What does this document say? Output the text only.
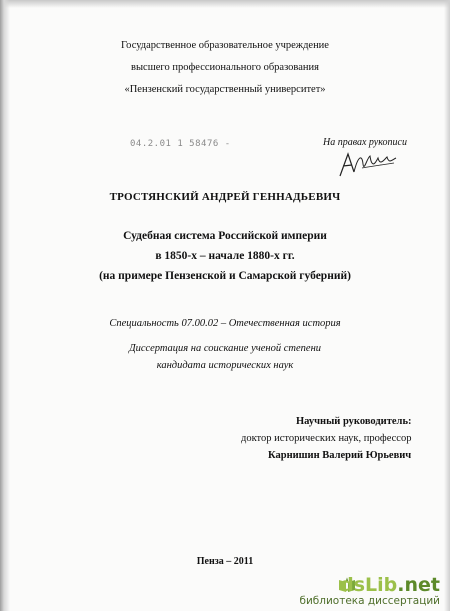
Государственное образовательное учреждение
высшего профессионального образования
«Пензенский государственный университет»
04.2.01 1 58476 -	На правах рукописи
ТРОСТЯНСКИЙ АНДРЕЙ ГЕННАДЬЕВИЧ
Судебная система Российской империи
в 1850-х – начале 1880-х гг.
(на примере Пензенской и Самарской губерний)
Специальность 07.00.02 – Отечественная история
Диссертация на соискание ученой степени
кандидата исторических наук
Научный руководитель:
доктор исторических наук, профессор
Карнишин Валерий Юрьевич
Пенза – 2011
dsLib.net
библиотека диссертаций
